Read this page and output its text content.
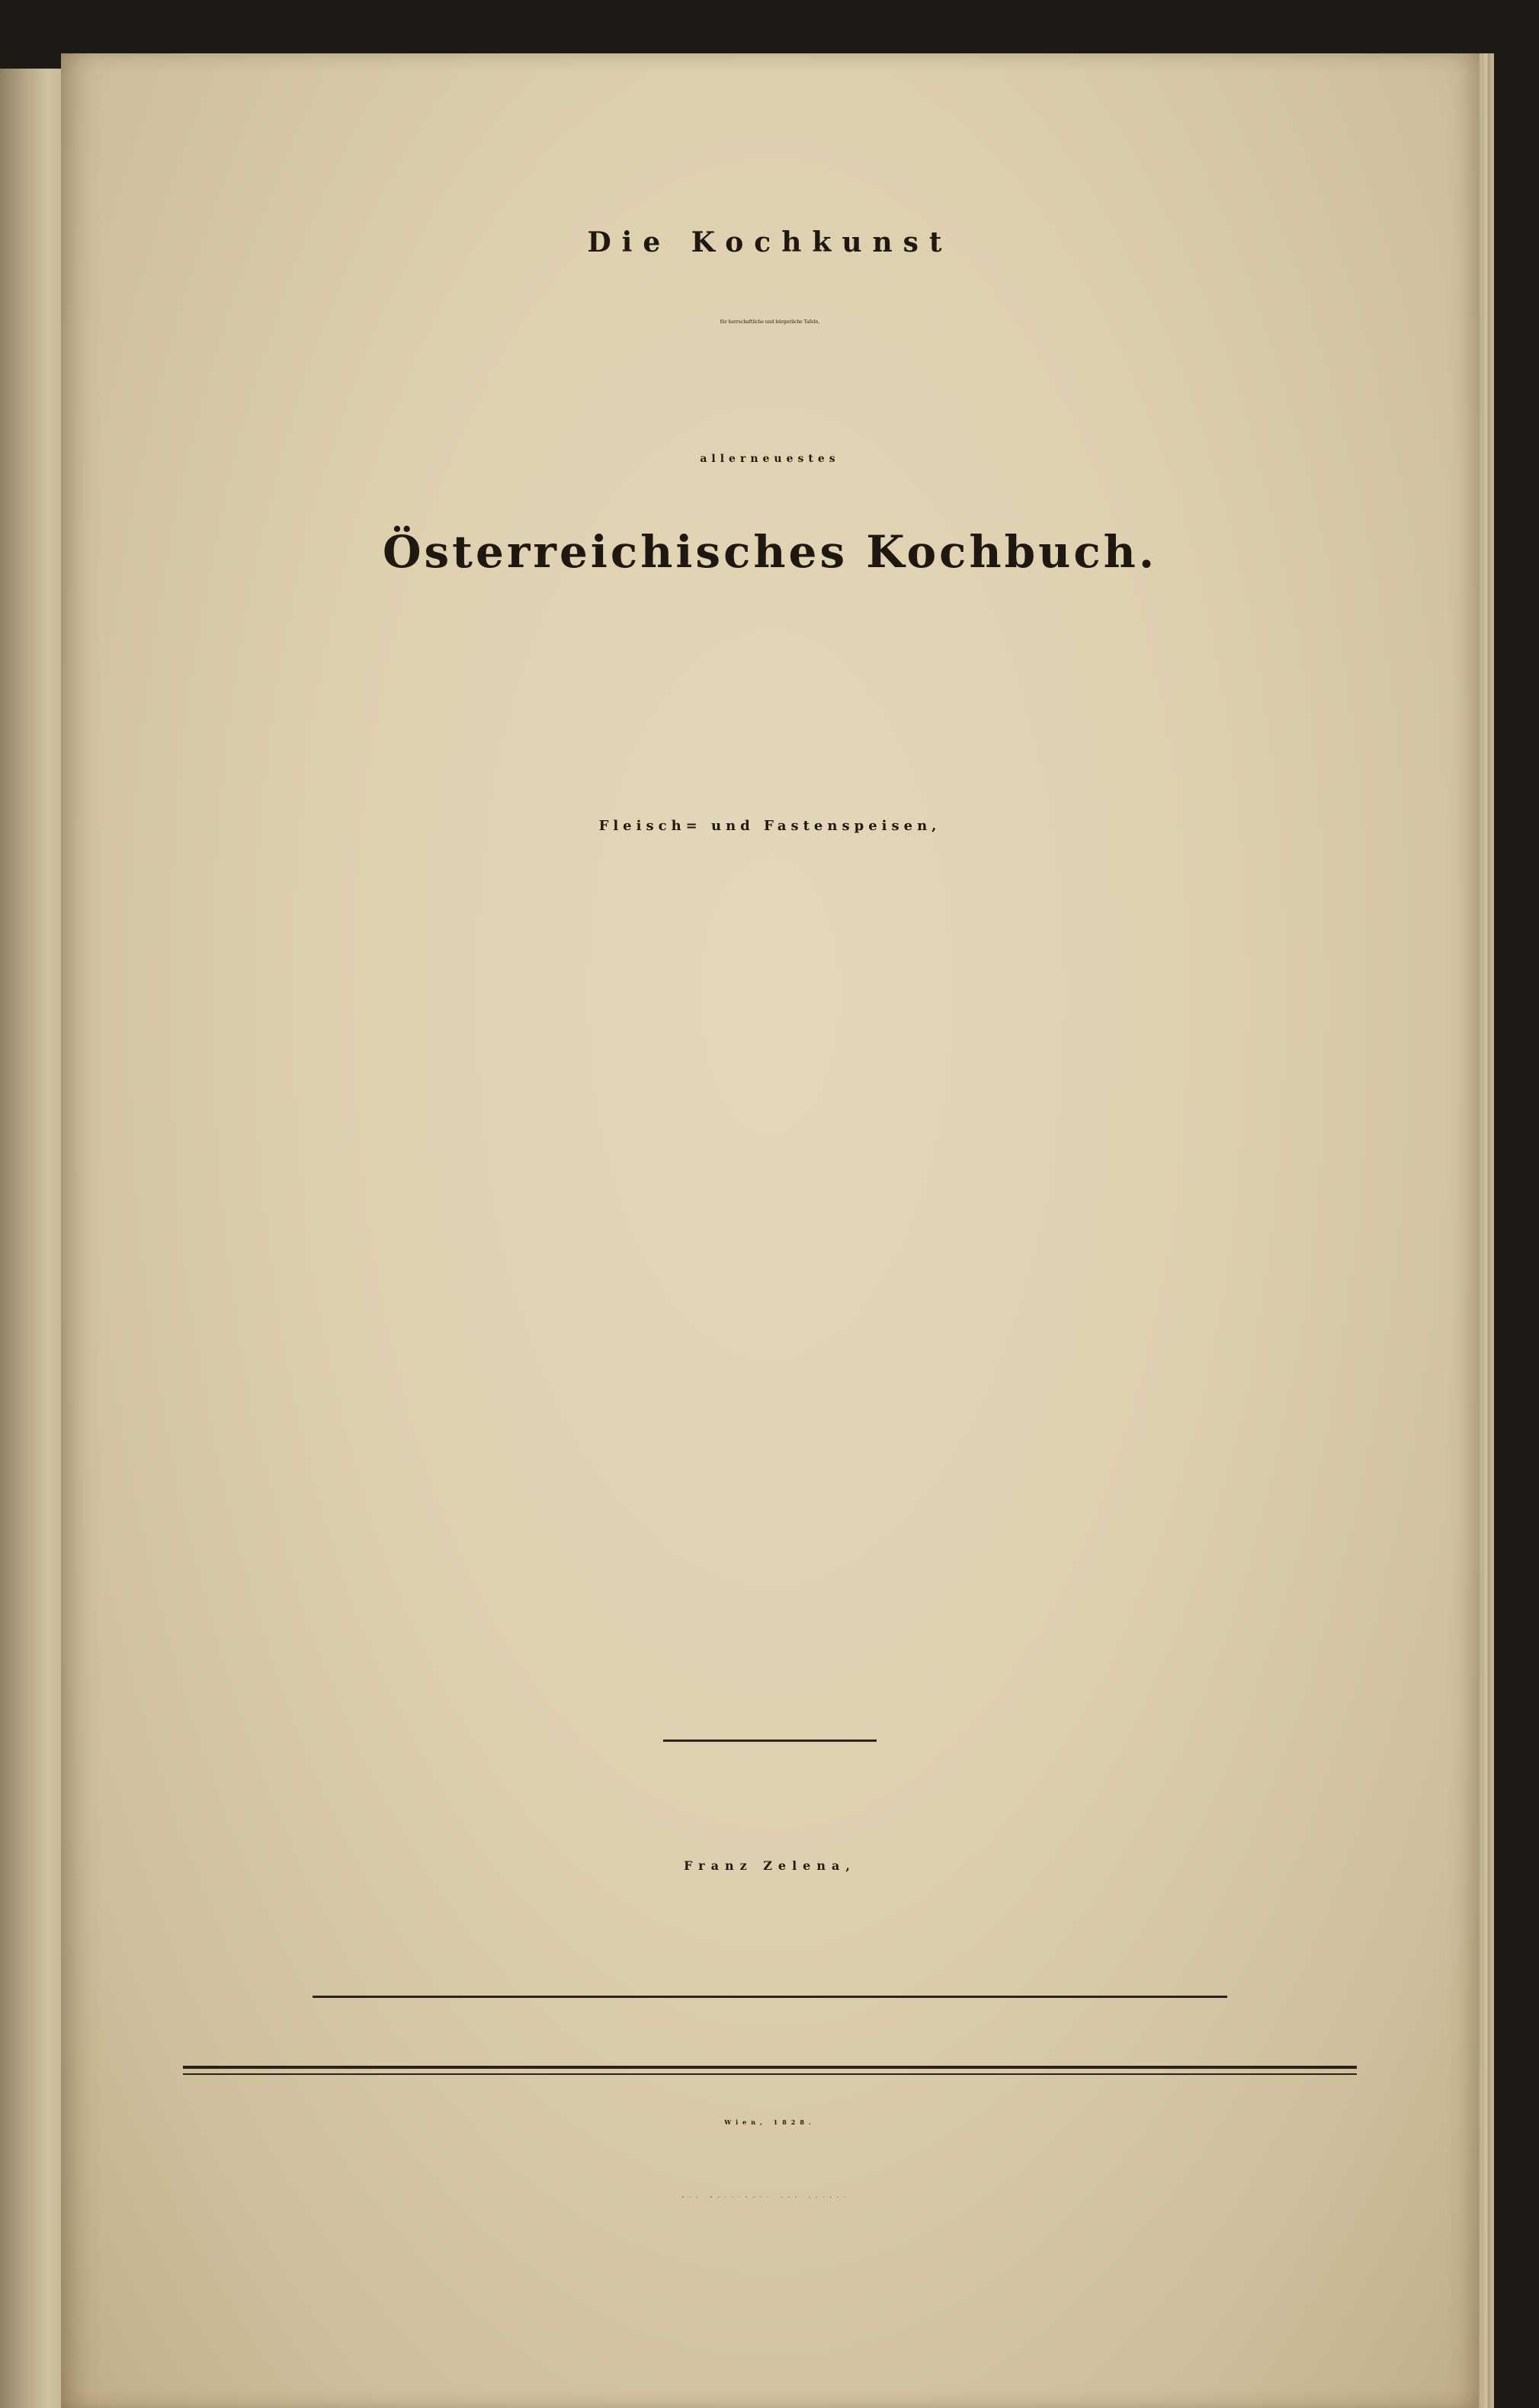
Die Kochkunst
für herrschaftliche und bürgerliche Tafeln,
allerneuestes
Österreichisches Kochbuch.
Fleisch= und Fastenspeisen,
Franz Zelena,
Wien, 1828.
Bey Mörschner und Jasper.
